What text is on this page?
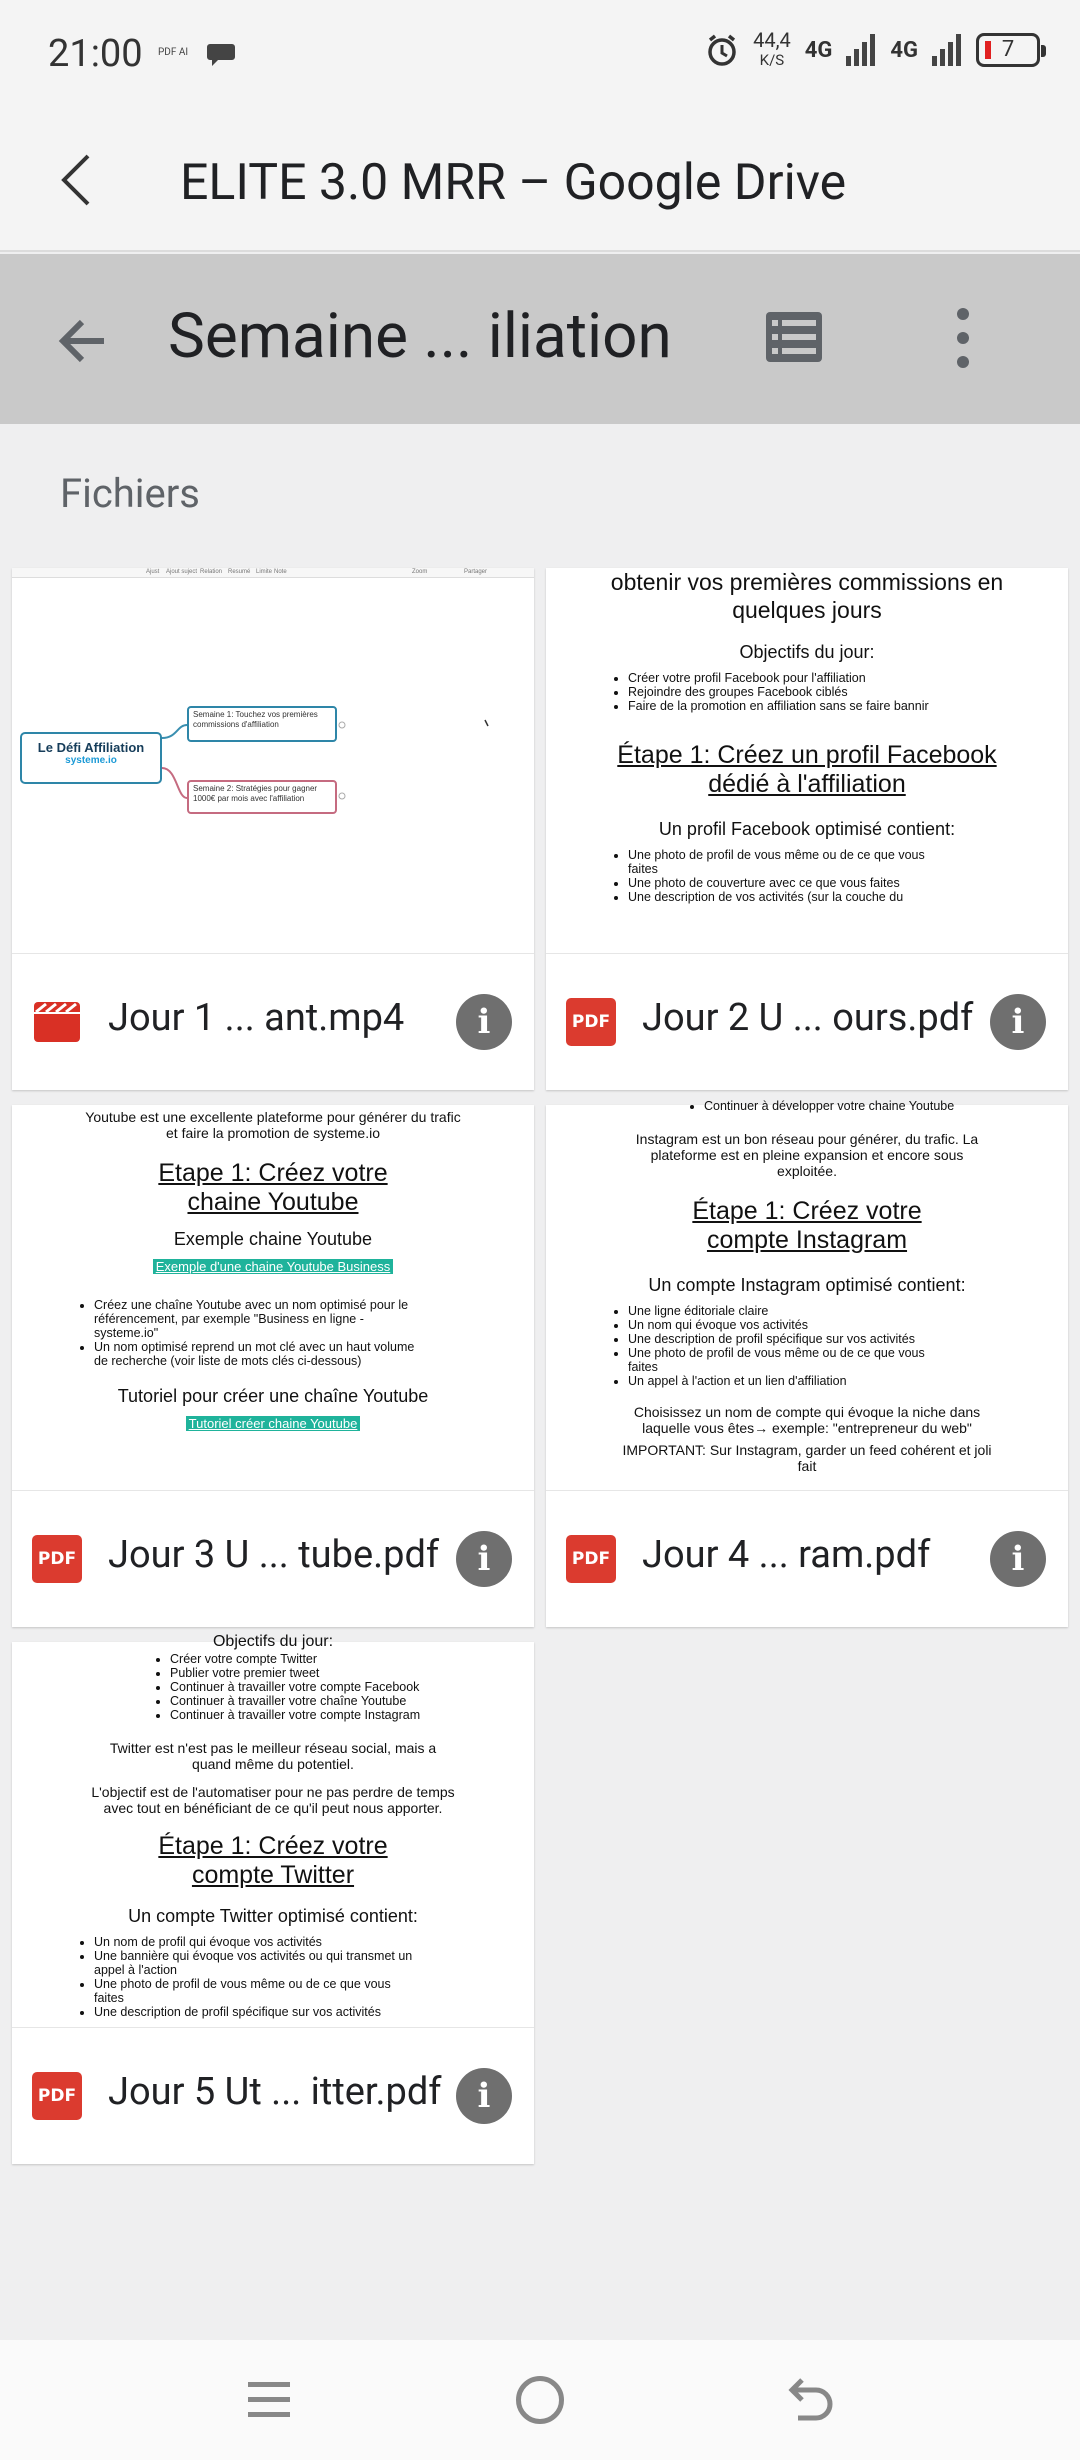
21:00 PDF AI
44,4
K/S 4G	4G	7
ELITE 3.0 MRR – Google Drive
Semaine ... iliation
Fichiers
Ajust Ajout suject Relation Resumé Limite Note	Zoom	Partager
Le Défi Affiliation
systeme.io
Semaine 1: Touchez vos premières commissions d'affiliation
Semaine 2: Stratégies pour gagner 1000€ par mois avec l'affiliation
Jour 1 ... ant.mp4	i
obtenir vos premières commissions en quelques jours
Objectifs du jour:
• Créer votre profil Facebook pour l'affiliation
• Rejoindre des groupes Facebook ciblés
• Faire de la promotion en affiliation sans se faire bannir
Étape 1: Créez un profil Facebook dédié à l'affiliation
Un profil Facebook optimisé contient:
• Une photo de profil de vous même ou de ce que vous faites
• Une photo de couverture avec ce que vous faites
• Une description de vos activités (sur la couche du
PDF Jour 2 U ... ours.pdf	i
Youtube est une excellente plateforme pour générer du trafic et faire la promotion de systeme.io
Etape 1: Créez votre chaine Youtube
Exemple chaine Youtube
Exemple d'une chaine Youtube Business
• Créez une chaîne Youtube avec un nom optimisé pour le référencement, par exemple "Business en ligne - systeme.io"
• Un nom optimisé reprend un mot clé avec un haut volume de recherche (voir liste de mots clés ci-dessous)
Tutoriel pour créer une chaîne Youtube
Tutoriel créer chaine Youtube
PDF Jour 3 U ... tube.pdf	i
• Continuer à développer votre chaine Youtube
Instagram est un bon réseau pour générer, du trafic. La plateforme est en pleine expansion et encore sous exploitée.
Étape 1: Créez votre compte Instagram
Un compte Instagram optimisé contient:
• Une ligne éditoriale claire
• Un nom qui évoque vos activités
• Une description de profil spécifique sur vos activités
• Une photo de profil de vous même ou de ce que vous faites
• Un appel à l'action et un lien d'affiliation
Choisissez un nom de compte qui évoque la niche dans laquelle vous êtes→ exemple: "entrepreneur du web"
IMPORTANT: Sur Instagram, garder un feed cohérent et joli fait
PDF Jour 4 ... ram.pdf	i
Objectifs du jour:
• Créer votre compte Twitter
• Publier votre premier tweet
• Continuer à travailler votre compte Facebook
• Continuer à travailler votre chaîne Youtube
• Continuer à travailler votre compte Instagram
Twitter est n'est pas le meilleur réseau social, mais a quand même du potentiel.
L'objectif est de l'automatiser pour ne pas perdre de temps avec tout en bénéficiant de ce qu'il peut nous apporter.
Étape 1: Créez votre compte Twitter
Un compte Twitter optimisé contient:
• Un nom de profil qui évoque vos activités
• Une bannière qui évoque vos activités ou qui transmet un appel à l'action
• Une photo de profil de vous même ou de ce que vous faites
• Une description de profil spécifique sur vos activités
PDF Jour 5 Ut ... itter.pdf	i
